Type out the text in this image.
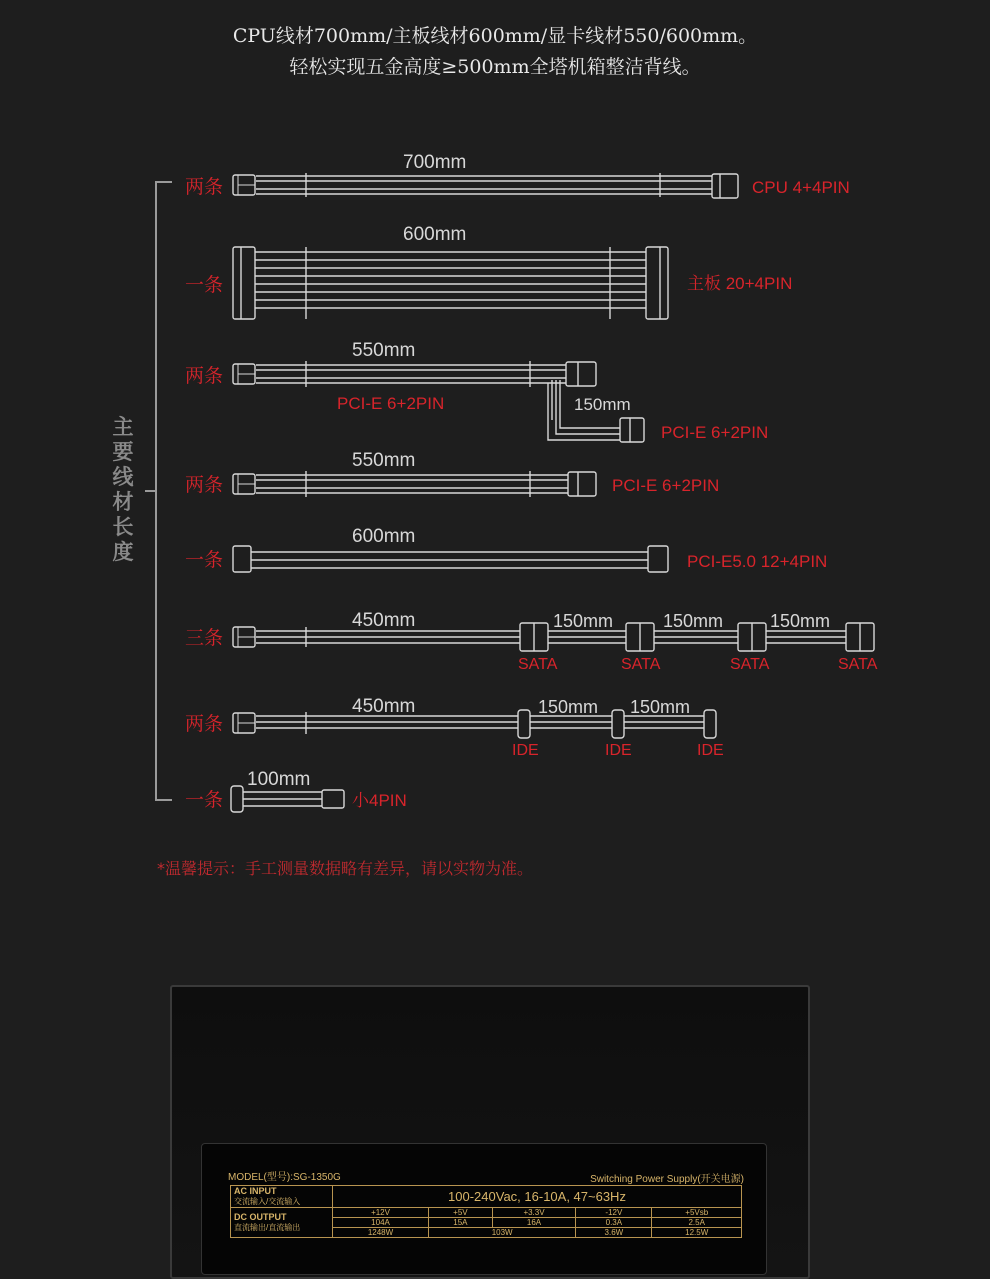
CPU线材700mm/主板线材600mm/显卡线材550/600mm。
轻松实现五金高度≥500mm全塔机箱整洁背线。
主
要
线
材
长
度
两条
700mm
CPU 4+4PIN
一条
600mm
主板 20+4PIN
两条
550mm
PCI-E 6+2PIN	150mm
PCI-E 6+2PIN
两条
550mm
PCI-E 6+2PIN
一条
600mm
PCI-E5.0 12+4PIN
三条
450mm	150mm	150mm	150mm
SATA	SATA	SATA	SATA
两条
450mm	150mm 150mm
IDE	IDE	IDE
一条
100mm
小4PIN
*温馨提示：手工测量数据略有差异，请以实物为准。
MODEL(型号):SG-1350G	Switching Power Supply(开关电源)
AC INPUT
交流输入/交流输入	100-240Vac, 16-10A, 47~63Hz				

DC OUTPUT
直流输出/直流输出	+12V	+5V	+3.3V	-12V	+5Vsb
	104A	15A	16A	0.3A	2.5A
	1248W	103W		3.6W	12.5W
